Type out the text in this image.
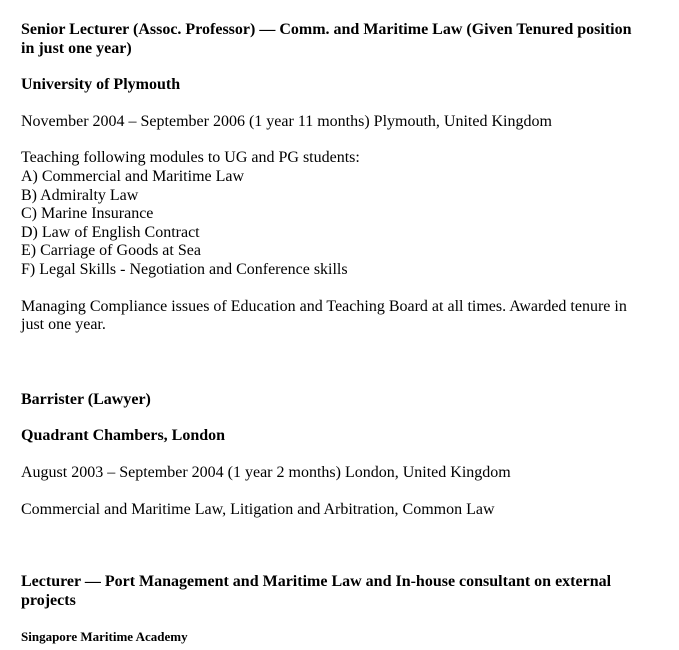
Senior Lecturer (Assoc. Professor) — Comm. and Maritime Law (Given Tenured position in just one year)

University of Plymouth

November 2004 – September 2006 (1 year 11 months) Plymouth, United Kingdom

Teaching following modules to UG and PG students:
A) Commercial and Maritime Law
B) Admiralty Law
C) Marine Insurance
D) Law of English Contract
E) Carriage of Goods at Sea
F) Legal Skills - Negotiation and Conference skills

Managing Compliance issues of Education and Teaching Board at all times. Awarded tenure in just one year.

Barrister (Lawyer)

Quadrant Chambers, London

August 2003 – September 2004 (1 year 2 months) London, United Kingdom

Commercial and Maritime Law, Litigation and Arbitration, Common Law

Lecturer — Port Management and Maritime Law and In-house consultant on external projects

Singapore Maritime Academy
